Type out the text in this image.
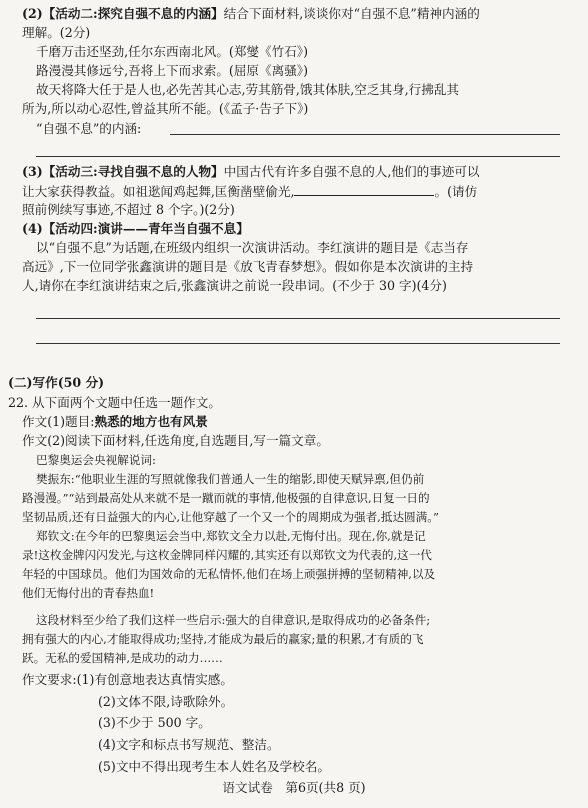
(2)【活动二:探究自强不息的内涵】结合下面材料,谈谈你对“自强不息”精神内涵的
理解。(2分)
千磨万击还坚劲,任尔东西南北风。(郑燮《竹石》)
路漫漫其修远兮,吾将上下而求索。(屈原《离骚》)
故天将降大任于是人也,必先苦其心志,劳其筋骨,饿其体肤,空乏其身,行拂乱其
所为,所以动心忍性,曾益其所不能。(《孟子·告子下》)
“自强不息”的内涵:
(3)【活动三:寻找自强不息的人物】中国古代有许多自强不息的人,他们的事迹可以
让大家获得教益。如祖逖闻鸡起舞,匡衡凿壁偷光,	。(请仿
照前例续写事迹,不超过 8 个字。)(2分)
(4)【活动四:演讲——青年当自强不息】
以“自强不息”为话题,在班级内组织一次演讲活动。李红演讲的题目是《志当存
高远》,下一位同学张鑫演讲的题目是《放飞青春梦想》。假如你是本次演讲的主持
人,请你在李红演讲结束之后,张鑫演讲之前说一段串词。(不少于 30 字)(4分)
(二)写作(50 分)
22. 从下面两个文题中任选一题作文。
作文(1)题目:熟悉的地方也有风景
作文(2)阅读下面材料,任选角度,自选题目,写一篇文章。
巴黎奥运会央视解说词:
樊振东:“他职业生涯的写照就像我们普通人一生的缩影,即使天赋异禀,但仍前
路漫漫。”“站到最高处从来就不是一蹴而就的事情,他极强的自律意识,日复一日的
坚韧品质,还有日益强大的内心,让他穿越了一个又一个的周期成为强者,抵达圆满。”
郑钦文:在今年的巴黎奥运会当中,郑钦文全力以赴,无悔付出。现在,你,就是记
录!这枚金牌闪闪发光,与这枚金牌同样闪耀的,其实还有以郑钦文为代表的,这一代
年轻的中国球员。他们为国效命的无私情怀,他们在场上顽强拼搏的坚韧精神,以及
他们无悔付出的青春热血!
这段材料至少给了我们这样一些启示:强大的自律意识,是取得成功的必备条件;
拥有强大的内心,才能取得成功;坚持,才能成为最后的赢家;量的积累,才有质的飞
跃。无私的爱国精神,是成功的动力……
作文要求:(1)有创意地表达真情实感。
(2)文体不限,诗歌除外。
(3)不少于 500 字。
(4)文字和标点书写规范、整洁。
(5)文中不得出现考生本人姓名及学校名。
语文试卷　第6页(共8 页)
